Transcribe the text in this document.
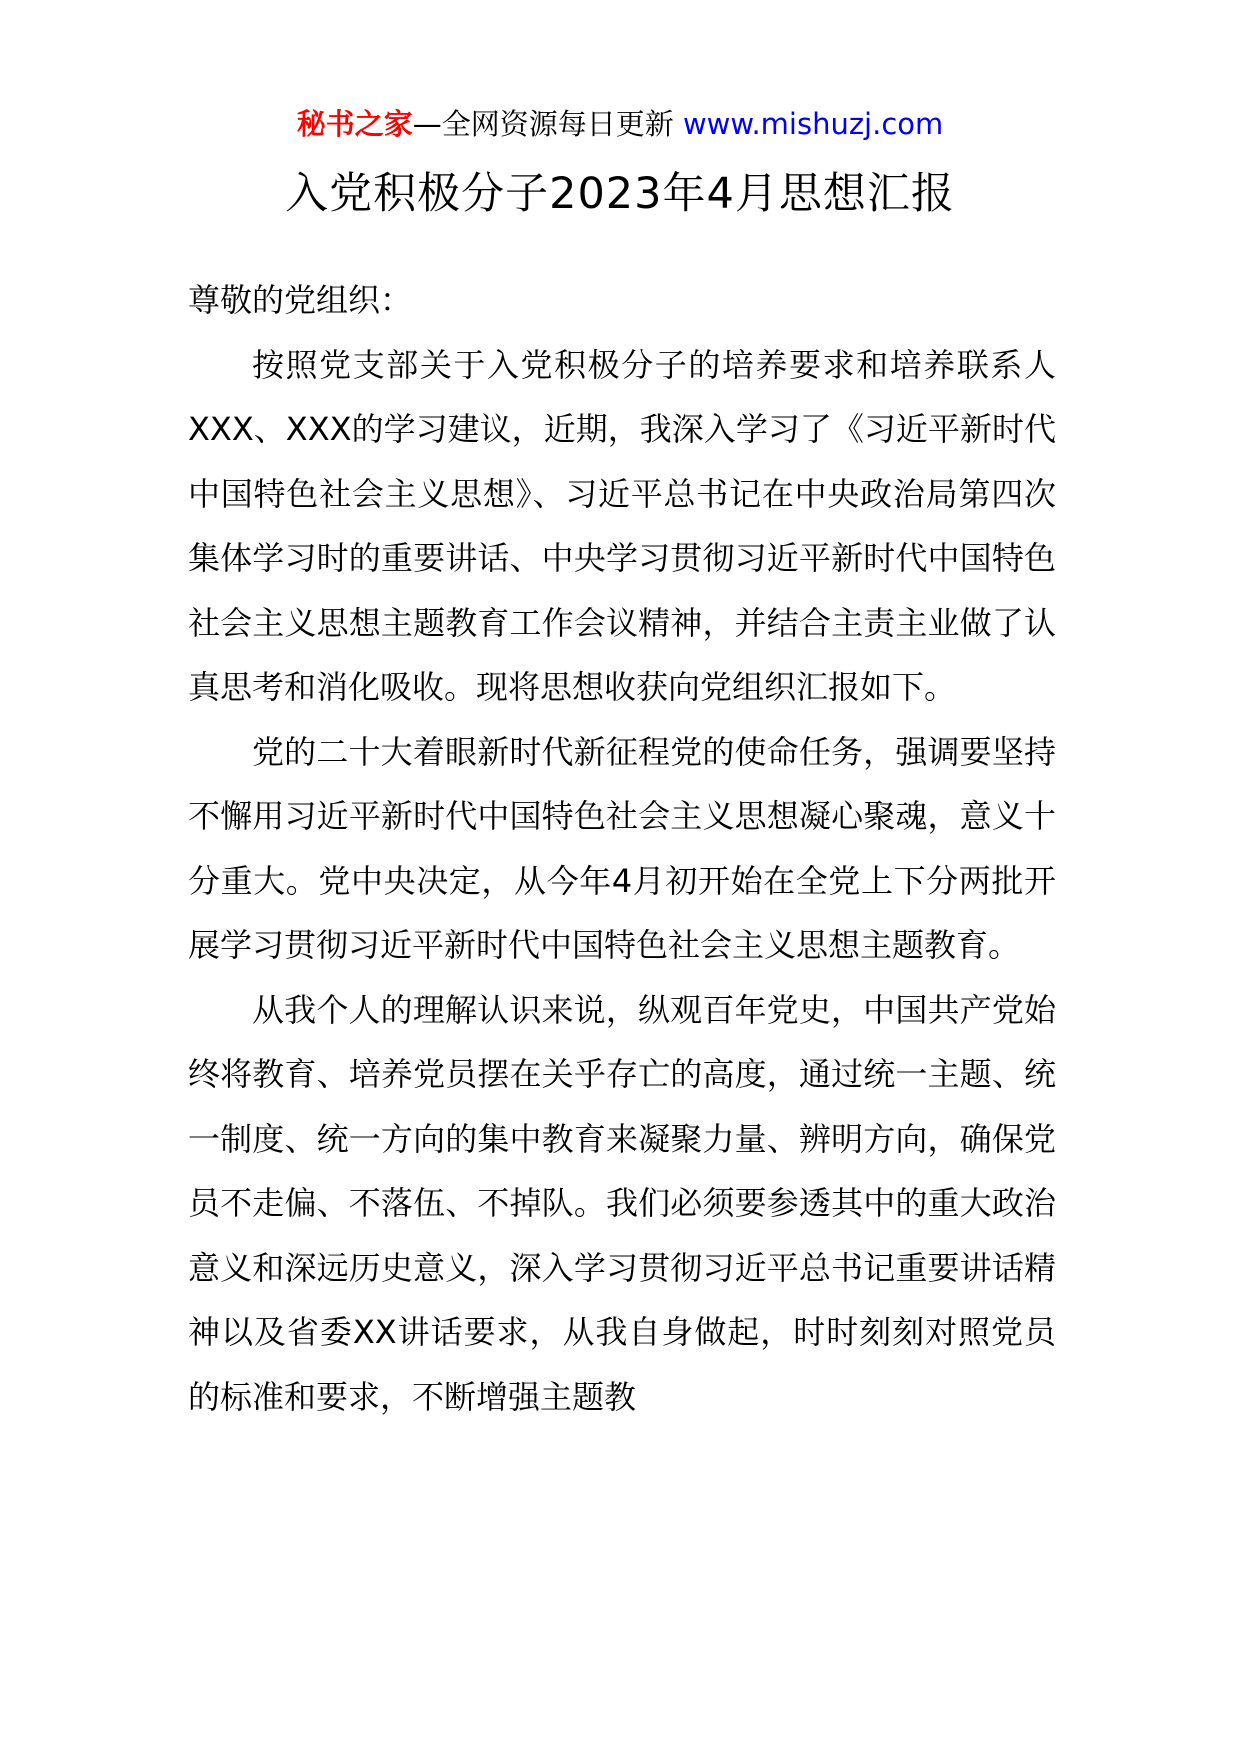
秘书之家—全网资源每日更新 www.mishuzj.com
入党积极分子2023年4月思想汇报

尊敬的党组织：

按照党支部关于入党积极分子的培养要求和培养联系人XXX、XXX的学习建议，近期，我深入学习了《习近平新时代中国特色社会主义思想》、习近平总书记在中央政治局第四次集体学习时的重要讲话、中央学习贯彻习近平新时代中国特色社会主义思想主题教育工作会议精神，并结合主责主业做了认真思考和消化吸收。现将思想收获向党组织汇报如下。

党的二十大着眼新时代新征程党的使命任务，强调要坚持不懈用习近平新时代中国特色社会主义思想凝心聚魂，意义十分重大。党中央决定，从今年4月初开始在全党上下分两批开展学习贯彻习近平新时代中国特色社会主义思想主题教育。

从我个人的理解认识来说，纵观百年党史，中国共产党始终将教育、培养党员摆在关乎存亡的高度，通过统一主题、统一制度、统一方向的集中教育来凝聚力量、辨明方向，确保党员不走偏、不落伍、不掉队。我们必须要参透其中的重大政治意义和深远历史意义，深入学习贯彻习近平总书记重要讲话精神以及省委XX讲话要求，从我自身做起，时时刻刻对照党员的标准和要求，不断增强主题教
